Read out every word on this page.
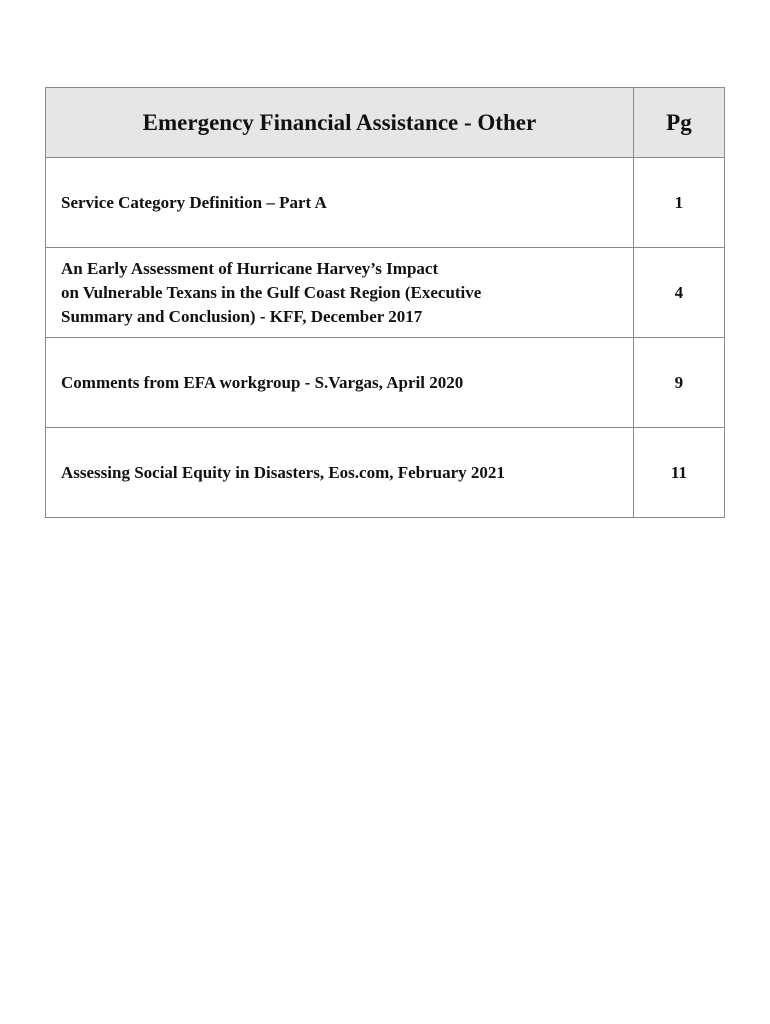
Emergency Financial Assistance - Other	Pg
Service Category Definition – Part A	1
An Early Assessment of Hurricane Harvey’s Impact
on Vulnerable Texans in the Gulf Coast Region (Executive
Summary and Conclusion) - KFF, December 2017	4
Comments from EFA workgroup - S.Vargas, April 2020	9
Assessing Social Equity in Disasters, Eos.com, February 2021	11
